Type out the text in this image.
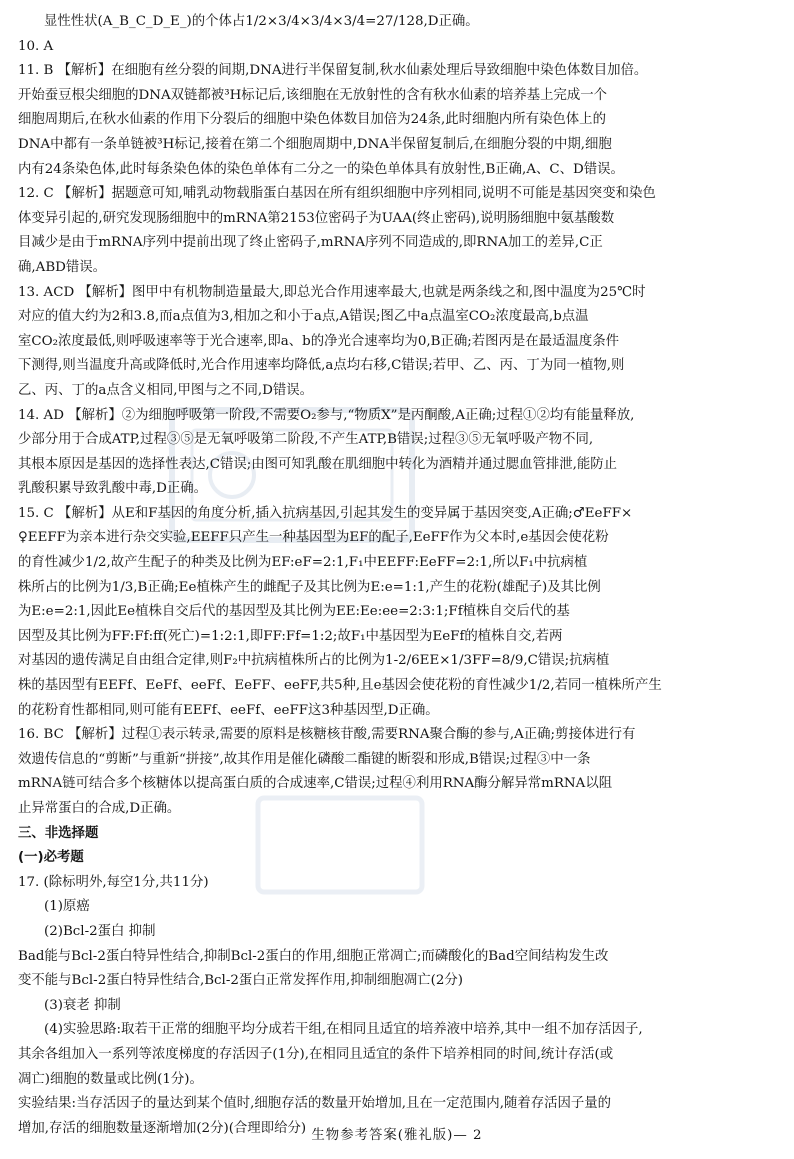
显性性状(A_B_C_D_E_)的个体占1/2×3/4×3/4×3/4=27/128,D正确。
10. A
11. B 【解析】在细胞有丝分裂的间期,DNA进行半保留复制,秋水仙素处理后导致细胞中染色体数目加倍。
开始蚕豆根尖细胞的DNA双链都被³H标记后,该细胞在无放射性的含有秋水仙素的培养基上完成一个
细胞周期后,在秋水仙素的作用下分裂后的细胞中染色体数目加倍为24条,此时细胞内所有染色体上的
DNA中都有一条单链被³H标记,接着在第二个细胞周期中,DNA半保留复制后,在细胞分裂的中期,细胞
内有24条染色体,此时每条染色体的染色单体有二分之一的染色单体具有放射性,B正确,A、C、D错误。
12. C 【解析】据题意可知,哺乳动物载脂蛋白基因在所有组织细胞中序列相同,说明不可能是基因突变和染色
体变异引起的,研究发现肠细胞中的mRNA第2153位密码子为UAA(终止密码),说明肠细胞中氨基酸数
目减少是由于mRNA序列中提前出现了终止密码子,mRNA序列不同造成的,即RNA加工的差异,C正
确,ABD错误。
13. ACD 【解析】图甲中有机物制造量最大,即总光合作用速率最大,也就是两条线之和,图中温度为25℃时
对应的值大约为2和3.8,而a点值为3,相加之和小于a点,A错误;图乙中a点温室CO₂浓度最高,b点温
室CO₂浓度最低,则呼吸速率等于光合速率,即a、b的净光合速率均为0,B正确;若图丙是在最适温度条件
下测得,则当温度升高或降低时,光合作用速率均降低,a点均右移,C错误;若甲、乙、丙、丁为同一植物,则
乙、丙、丁的a点含义相同,甲图与之不同,D错误。
14. AD 【解析】②为细胞呼吸第一阶段,不需要O₂参与,“物质X”是丙酮酸,A正确;过程①②均有能量释放,
少部分用于合成ATP,过程③⑤是无氧呼吸第二阶段,不产生ATP,B错误;过程③⑤无氧呼吸产物不同,
其根本原因是基因的选择性表达,C错误;由图可知乳酸在肌细胞中转化为酒精并通过腮血管排泄,能防止
乳酸积累导致乳酸中毒,D正确。
15. C 【解析】从E和F基因的角度分析,插入抗病基因,引起其发生的变异属于基因突变,A正确;♂EeFF×
♀EEFF为亲本进行杂交实验,EEFF只产生一种基因型为EF的配子,EeFF作为父本时,e基因会使花粉
的育性减少1/2,故产生配子的种类及比例为EF:eF=2:1,F₁中EEFF:EeFF=2:1,所以F₁中抗病植
株所占的比例为1/3,B正确;Ee植株产生的雌配子及其比例为E:e=1:1,产生的花粉(雄配子)及其比例
为E:e=2:1,因此Ee植株自交后代的基因型及其比例为EE:Ee:ee=2:3:1;Ff植株自交后代的基
因型及其比例为FF:Ff:ff(死亡)=1:2:1,即FF:Ff=1:2;故F₁中基因型为EeFf的植株自交,若两
对基因的遗传满足自由组合定律,则F₂中抗病植株所占的比例为1-2/6EE×1/3FF=8/9,C错误;抗病植
株的基因型有EEFf、EeFf、eeFf、EeFF、eeFF,共5种,且e基因会使花粉的育性减少1/2,若同一植株所产生
的花粉育性都相同,则可能有EEFf、eeFf、eeFF这3种基因型,D正确。
16. BC 【解析】过程①表示转录,需要的原料是核糖核苷酸,需要RNA聚合酶的参与,A正确;剪接体进行有
效遗传信息的“剪断”与重新“拼接”,故其作用是催化磷酸二酯键的断裂和形成,B错误;过程③中一条
mRNA链可结合多个核糖体以提高蛋白质的合成速率,C错误;过程④利用RNA酶分解异常mRNA以阻
止异常蛋白的合成,D正确。
三、非选择题
(一)必考题
17. (除标明外,每空1分,共11分)
(1)原癌
(2)Bcl-2蛋白 抑制
Bad能与Bcl-2蛋白特异性结合,抑制Bcl-2蛋白的作用,细胞正常凋亡;而磷酸化的Bad空间结构发生改
变不能与Bcl-2蛋白特异性结合,Bcl-2蛋白正常发挥作用,抑制细胞凋亡(2分)
(3)衰老 抑制
(4)实验思路:取若干正常的细胞平均分成若干组,在相同且适宜的培养液中培养,其中一组不加存活因子,
其余各组加入一系列等浓度梯度的存活因子(1分),在相同且适宜的条件下培养相同的时间,统计存活(或
凋亡)细胞的数量或比例(1分)。
实验结果:当存活因子的量达到某个值时,细胞存活的数量开始增加,且在一定范围内,随着存活因子量的
增加,存活的细胞数量逐渐增加(2分)(合理即给分) 生物参考答案(雅礼版)— 2
